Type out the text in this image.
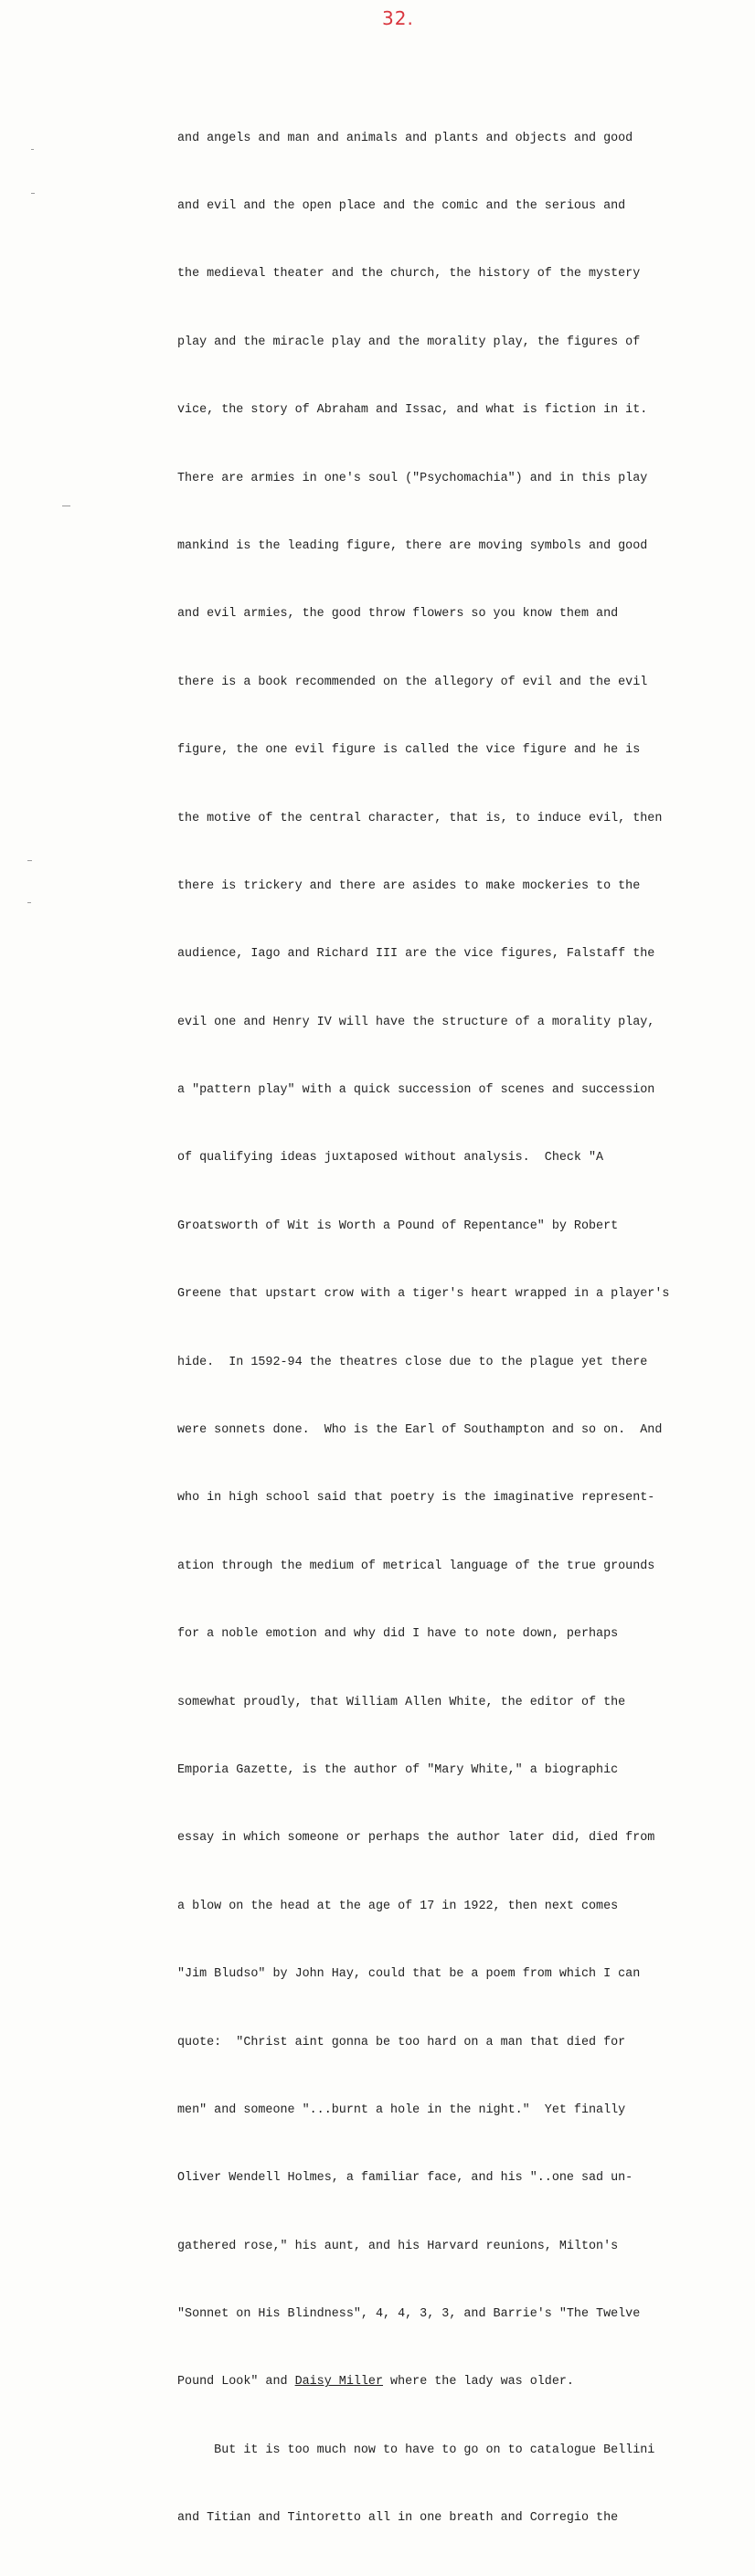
32.

and angels and man and animals and plants and objects and good

and evil and the open place and the comic and the serious and

the medieval theater and the church, the history of the mystery

play and the miracle play and the morality play, the figures of

vice, the story of Abraham and Issac, and what is fiction in it.

There are armies in one's soul ("Psychomachia") and in this play

mankind is the leading figure, there are moving symbols and good

and evil armies, the good throw flowers so you know them and

there is a book recommended on the allegory of evil and the evil

figure, the one evil figure is called the vice figure and he is

the motive of the central character, that is, to induce evil, then

there is trickery and there are asides to make mockeries to the

audience, Iago and Richard III are the vice figures, Falstaff the

evil one and Henry IV will have the structure of a morality play,

a "pattern play" with a quick succession of scenes and succession

of qualifying ideas juxtaposed without analysis.  Check "A

Groatsworth of Wit is Worth a Pound of Repentance" by Robert

Greene that upstart crow with a tiger's heart wrapped in a player's

hide.  In 1592-94 the theatres close due to the plague yet there

were sonnets done.  Who is the Earl of Southampton and so on.  And

who in high school said that poetry is the imaginative represent-

ation through the medium of metrical language of the true grounds

for a noble emotion and why did I have to note down, perhaps

somewhat proudly, that William Allen White, the editor of the

Emporia Gazette, is the author of "Mary White," a biographic

essay in which someone or perhaps the author later did, died from

a blow on the head at the age of 17 in 1922, then next comes

"Jim Bludso" by John Hay, could that be a poem from which I can

quote:  "Christ aint gonna be too hard on a man that died for

men" and someone "...burnt a hole in the night."  Yet finally

Oliver Wendell Holmes, a familiar face, and his "..one sad un-

gathered rose," his aunt, and his Harvard reunions, Milton's

"Sonnet on His Blindness", 4, 4, 3, 3, and Barrie's "The Twelve

Pound Look" and Daisy Miller where the lady was older.

But it is too much now to have to go on to catalogue Bellini

and Titian and Tintoretto all in one breath and Corregio the
